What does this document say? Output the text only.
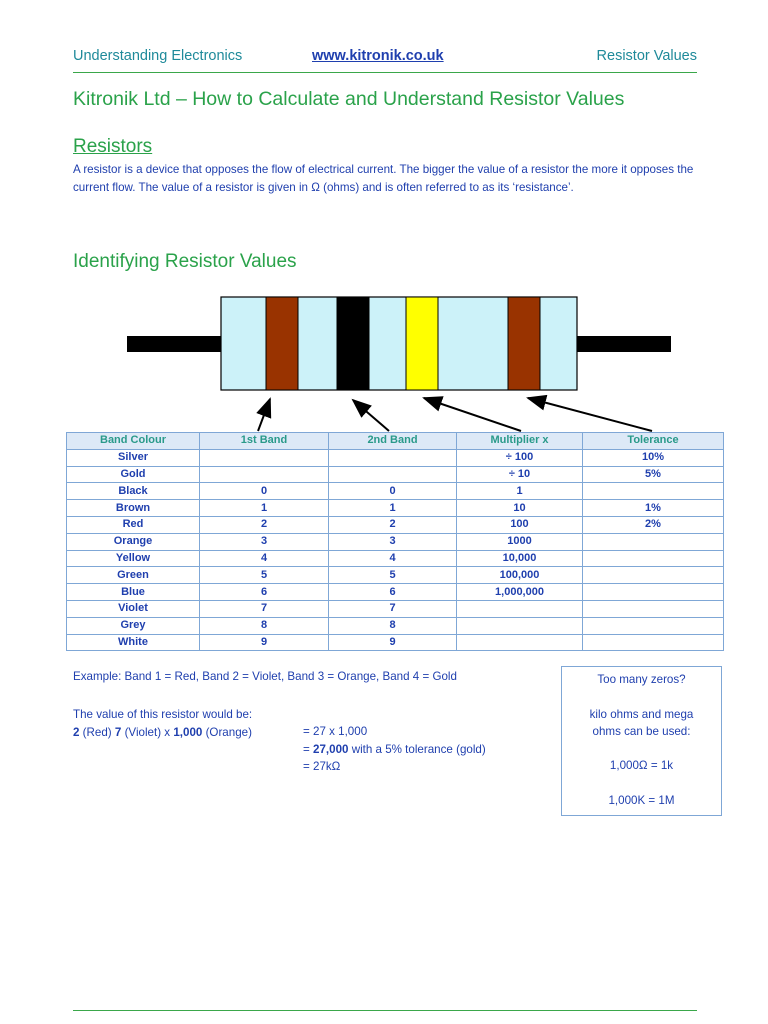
Understanding Electronics	www.kitronik.co.uk	Resistor Values
Kitronik Ltd – How to Calculate and Understand Resistor Values
Resistors
A resistor is a device that opposes the flow of electrical current. The bigger the value of a resistor the more it opposes the current flow. The value of a resistor is given in Ω (ohms) and is often referred to as its ‘resistance’.
Identifying Resistor Values
Band Colour	1st Band	2nd Band	Multiplier x	Tolerance
Silver			÷ 100	10%
Gold			÷ 10	5%
Black	0	0	1	
Brown	1	1	10	1%
Red	2	2	100	2%
Orange	3	3	1000	
Yellow	4	4	10,000	
Green	5	5	100,000	
Blue	6	6	1,000,000	
Violet	7	7		
Grey	8	8		
White	9	9		
Example: Band 1 = Red, Band 2 = Violet, Band 3 = Orange, Band 4 = Gold
The value of this resistor would be:
2 (Red) 7 (Violet) x 1,000 (Orange)	= 27 x 1,000
= 27,000 with a 5% tolerance (gold)
= 27kΩ
Too many zeros?
kilo ohms and mega
ohms can be used:
1,000Ω = 1k
1,000K = 1M
